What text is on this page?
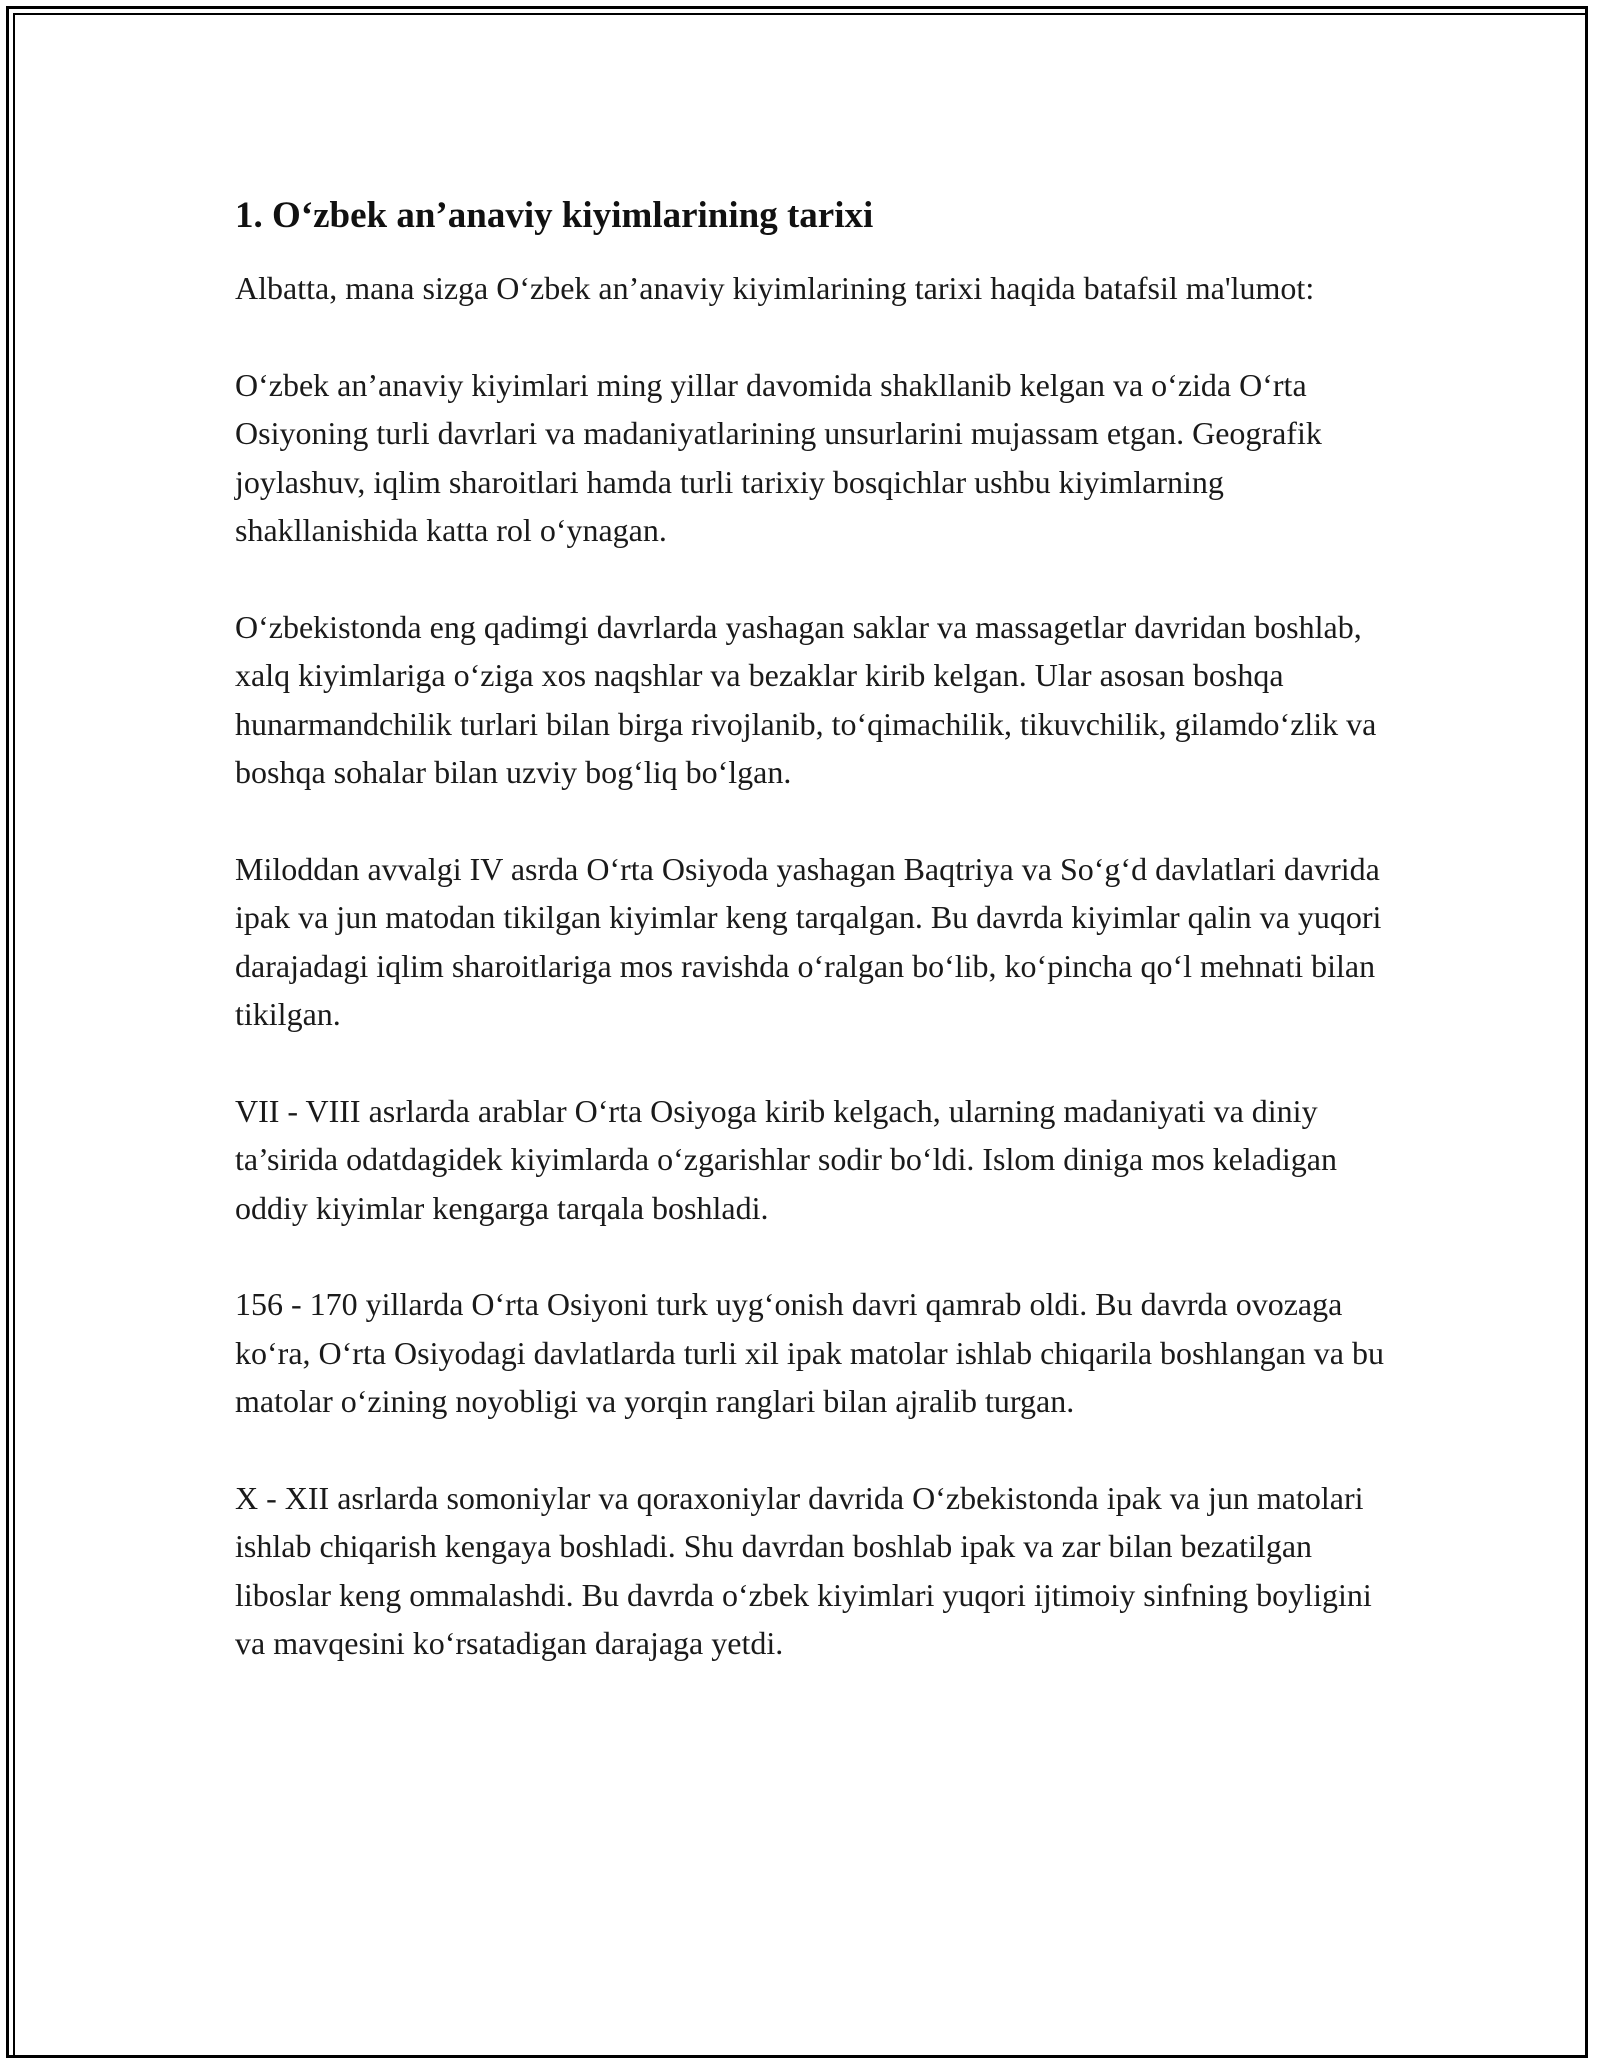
1. O‘zbek an’anaviy kiyimlarining tarixi

Albatta, mana sizga O‘zbek an’anaviy kiyimlarining tarixi haqida batafsil ma'lumot:

O‘zbek an’anaviy kiyimlari ming yillar davomida shakllanib kelgan va o‘zida O‘rta Osiyoning turli davrlari va madaniyatlarining unsurlarini mujassam etgan. Geografik joylashuv, iqlim sharoitlari hamda turli tarixiy bosqichlar ushbu kiyimlarning shakllanishida katta rol o‘ynagan.

O‘zbekistonda eng qadimgi davrlarda yashagan saklar va massagetlar davridan boshlab, xalq kiyimlariga o‘ziga xos naqshlar va bezaklar kirib kelgan. Ular asosan boshqa hunarmandchilik turlari bilan birga rivojlanib, to‘qimachilik, tikuvchilik, gilamdo‘zlik va boshqa sohalar bilan uzviy bog‘liq bo‘lgan.

Miloddan avvalgi IV asrda O‘rta Osiyoda yashagan Baqtriya va So‘g‘d davlatlari davrida ipak va jun matodan tikilgan kiyimlar keng tarqalgan. Bu davrda kiyimlar qalin va yuqori darajadagi iqlim sharoitlariga mos ravishda o‘ralgan bo‘lib, ko‘pincha qo‘l mehnati bilan tikilgan.

VII - VIII asrlarda arablar O‘rta Osiyoga kirib kelgach, ularning madaniyati va diniy ta’sirida odatdagidek kiyimlarda o‘zgarishlar sodir bo‘ldi. Islom diniga mos keladigan oddiy kiyimlar kengarga tarqala boshladi.

156 - 170 yillarda O‘rta Osiyoni turk uyg‘onish davri qamrab oldi. Bu davrda ovozaga ko‘ra, O‘rta Osiyodagi davlatlarda turli xil ipak matolar ishlab chiqarila boshlangan va bu matolar o‘zining noyobligi va yorqin ranglari bilan ajralib turgan.

X - XII asrlarda somoniylar va qoraxoniylar davrida O‘zbekistonda ipak va jun matolari ishlab chiqarish kengaya boshladi. Shu davrdan boshlab ipak va zar bilan bezatilgan liboslar keng ommalashdi. Bu davrda o‘zbek kiyimlari yuqori ijtimoiy sinfning boyligini va mavqesini ko‘rsatadigan darajaga yetdi.
